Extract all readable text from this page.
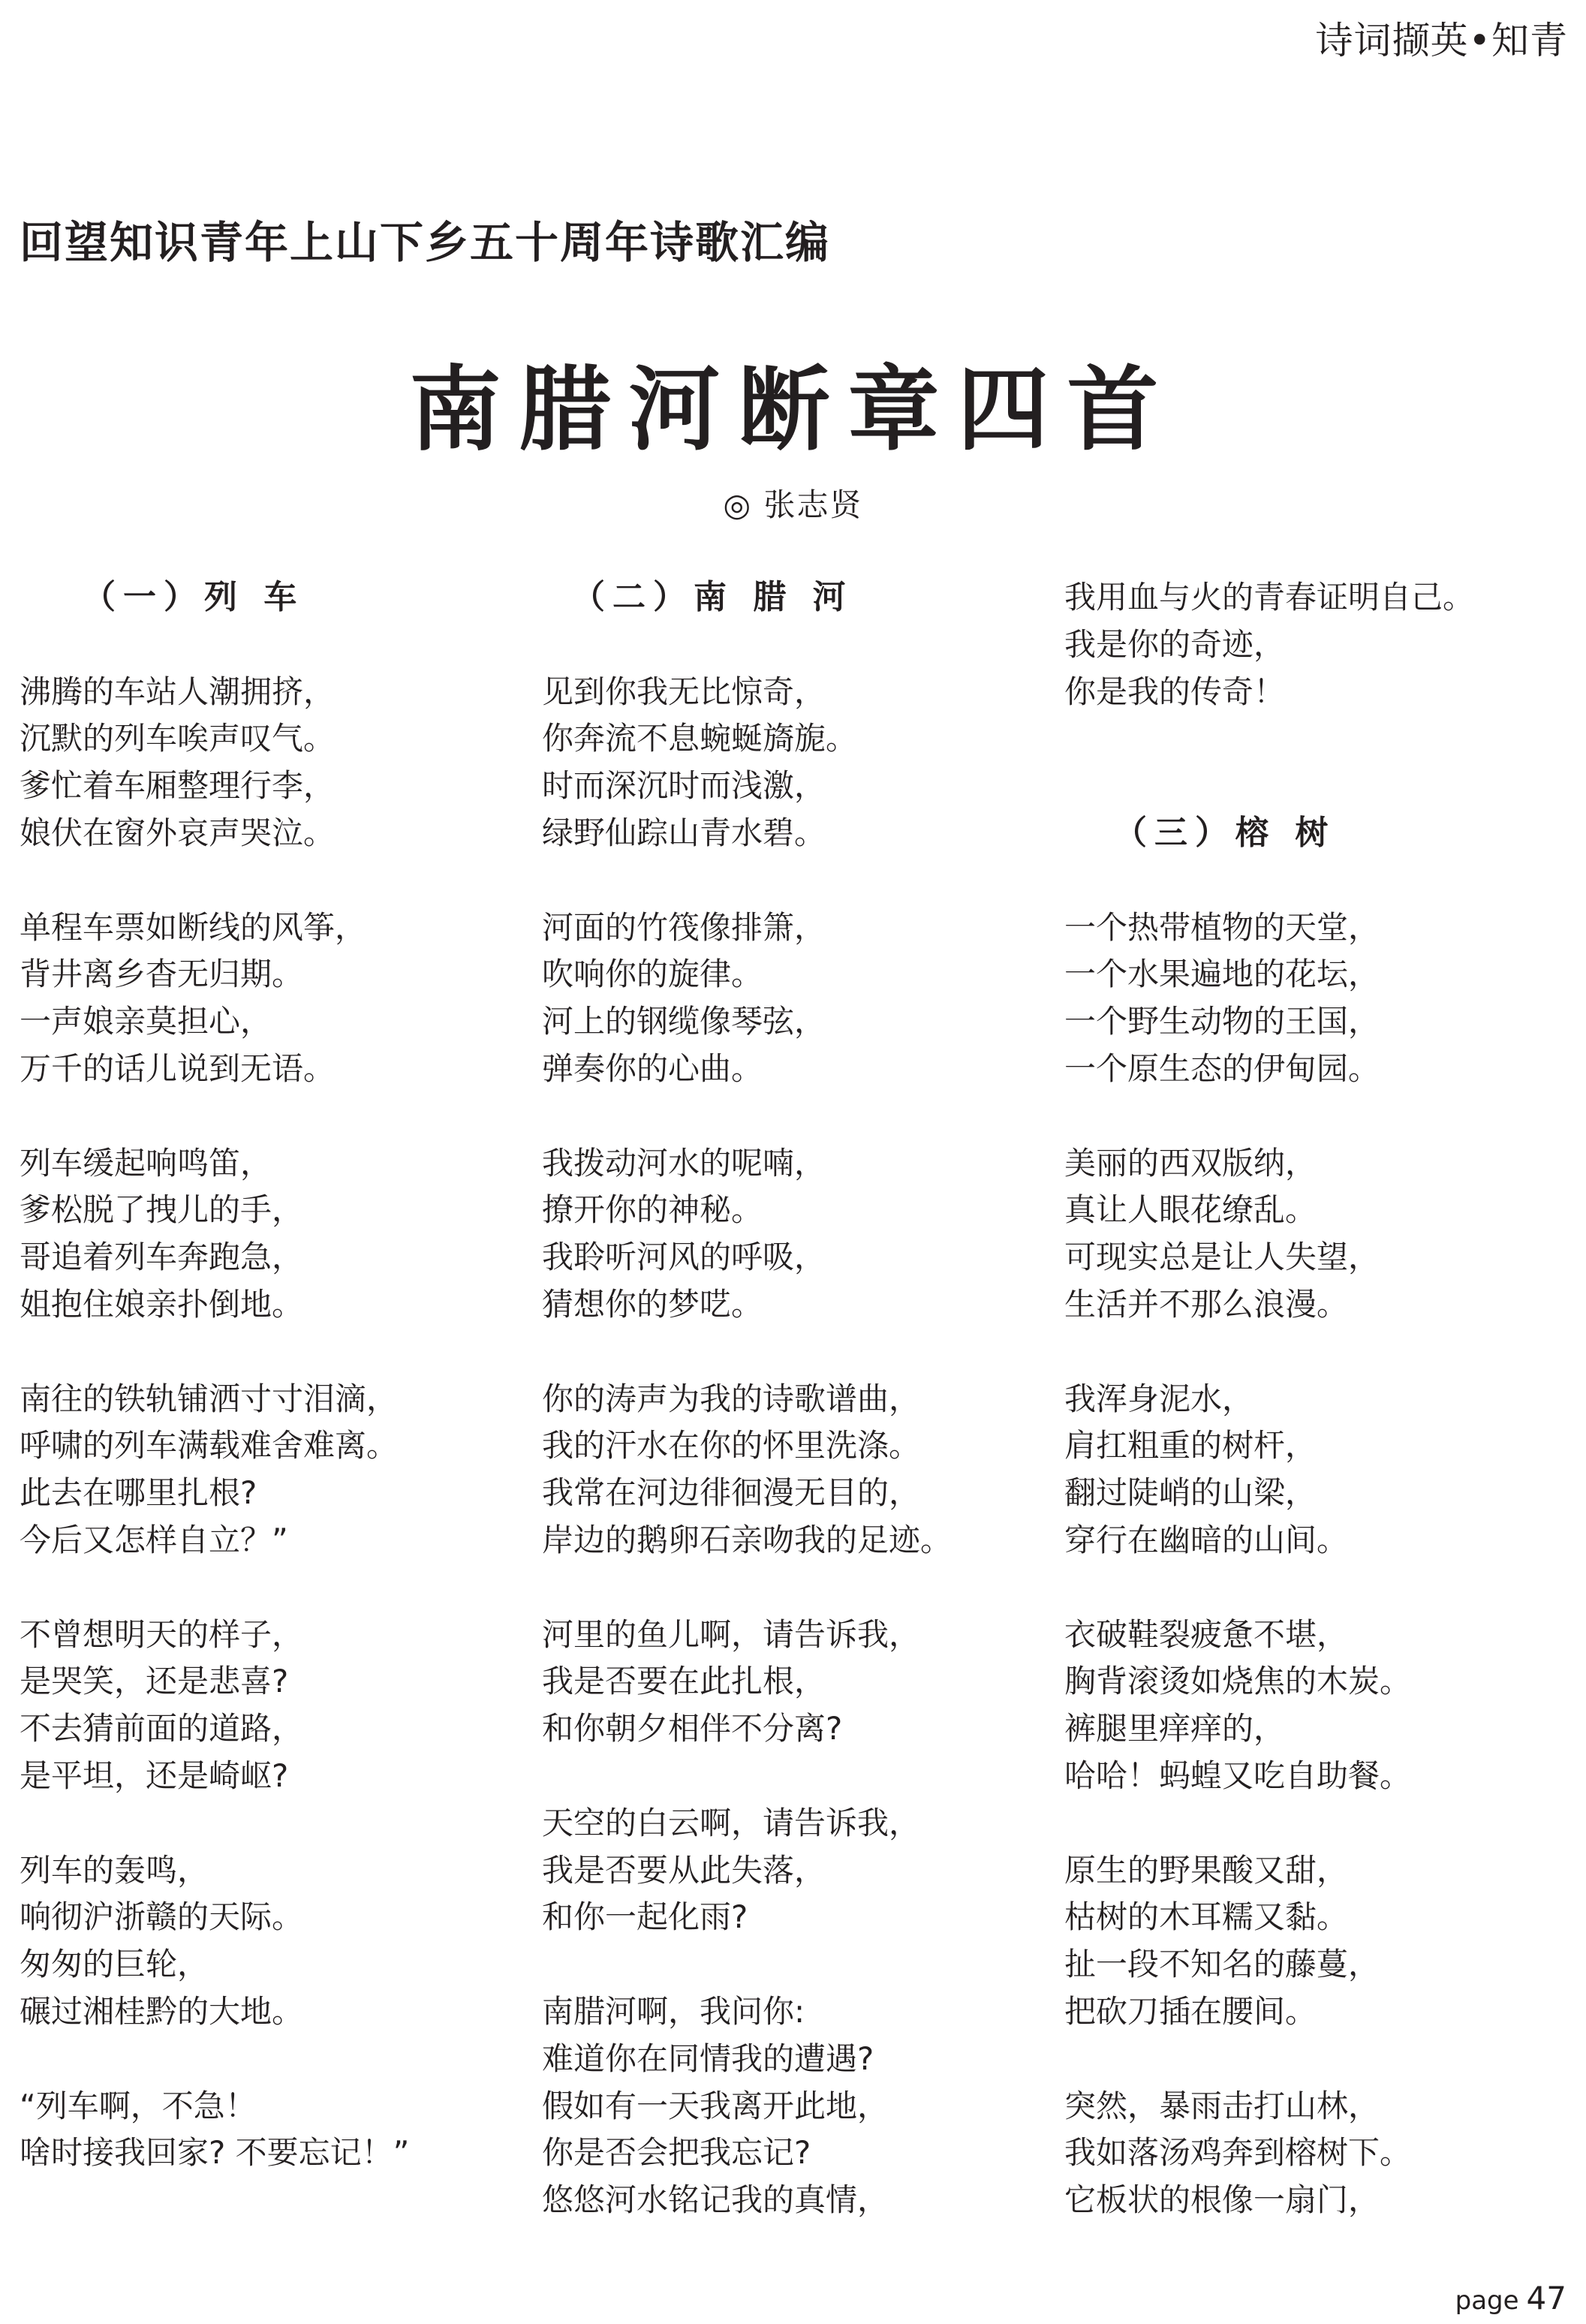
诗词撷英•知青
回望知识青年上山下乡五十周年诗歌汇编
南腊河断章四首
◎ 张志贤
（一）列 车
沸腾的车站人潮拥挤，
沉默的列车唉声叹气。
爹忙着车厢整理行李，
娘伏在窗外哀声哭泣。
单程车票如断线的风筝，
背井离乡杳无归期。
一声娘亲莫担心，
万千的话儿说到无语。
列车缓起响鸣笛，
爹松脱了拽儿的手，
哥追着列车奔跑急，
姐抱住娘亲扑倒地。
南往的铁轨铺洒寸寸泪滴，
呼啸的列车满载难舍难离。
此去在哪里扎根?
今后又怎样自立？”
不曾想明天的样子，
是哭笑，还是悲喜?
不去猜前面的道路，
是平坦，还是崎岖?
列车的轰鸣，
响彻沪浙赣的天际。
匆匆的巨轮，
碾过湘桂黔的大地。
“列车啊，不急！
啥时接我回家? 不要忘记！”
（二）南 腊 河
见到你我无比惊奇，
你奔流不息蜿蜒旖旎。
时而深沉时而浅激，
绿野仙踪山青水碧。
河面的竹筏像排箫，
吹响你的旋律。
河上的钢缆像琴弦，
弹奏你的心曲。
我拨动河水的呢喃，
撩开你的神秘。
我聆听河风的呼吸，
猜想你的梦呓。
你的涛声为我的诗歌谱曲，
我的汗水在你的怀里洗涤。
我常在河边徘徊漫无目的，
岸边的鹅卵石亲吻我的足迹。
河里的鱼儿啊，请告诉我，
我是否要在此扎根，
和你朝夕相伴不分离?
天空的白云啊，请告诉我，
我是否要从此失落，
和你一起化雨?
南腊河啊，我问你:
难道你在同情我的遭遇?
假如有一天我离开此地，
你是否会把我忘记?
悠悠河水铭记我的真情，
我用血与火的青春证明自己。
我是你的奇迹，
你是我的传奇！
（三）榕 树
一个热带植物的天堂，
一个水果遍地的花坛，
一个野生动物的王国，
一个原生态的伊甸园。
美丽的西双版纳，
真让人眼花缭乱。
可现实总是让人失望，
生活并不那么浪漫。
我浑身泥水，
肩扛粗重的树杆，
翻过陡峭的山梁，
穿行在幽暗的山间。
衣破鞋裂疲惫不堪，
胸背滚烫如烧焦的木炭。
裤腿里痒痒的，
哈哈！蚂蝗又吃自助餐。
原生的野果酸又甜，
枯树的木耳糯又黏。
扯一段不知名的藤蔓，
把砍刀插在腰间。
突然，暴雨击打山林，
我如落汤鸡奔到榕树下。
它板状的根像一扇门，
page 47
